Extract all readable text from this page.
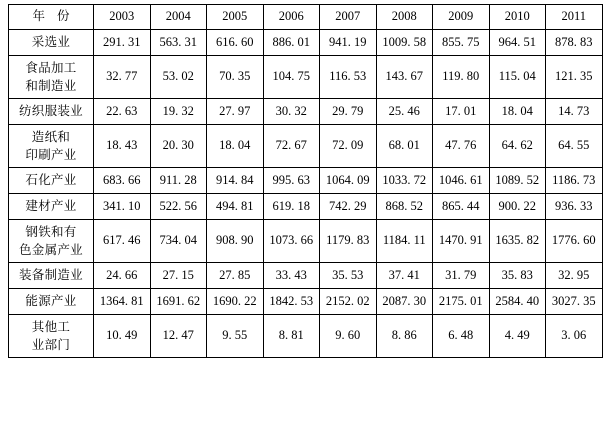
年 份	2003	2004	2005	2006	2007	2008	2009	2010	2011

采选业	291. 31	563. 31	616. 60	886. 01	941. 19	1009. 58	855. 75	964. 51	878. 83

食品加工
和制造业	32. 77	53. 02	70. 35	104. 75	116. 53	143. 67	119. 80	115. 04	121. 35

纺织服装业	22. 63	19. 32	27. 97	30. 32	29. 79	25. 46	17. 01	18. 04	14. 73

造纸和
印刷产业	18. 43	20. 30	18. 04	72. 67	72. 09	68. 01	47. 76	64. 62	64. 55

石化产业	683. 66	911. 28	914. 84	995. 63	1064. 09	1033. 72	1046. 61	1089. 52	1186. 73

建材产业	341. 10	522. 56	494. 81	619. 18	742. 29	868. 52	865. 44	900. 22	936. 33

钢铁和有
色金属产业	617. 46	734. 04	908. 90	1073. 66	1179. 83	1184. 11	1470. 91	1635. 82	1776. 60

装备制造业	24. 66	27. 15	27. 85	33. 43	35. 53	37. 41	31. 79	35. 83	32. 95

能源产业	1364. 81	1691. 62	1690. 22	1842. 53	2152. 02	2087. 30	2175. 01	2584. 40	3027. 35

其他工
业部门	10. 49	12. 47	9. 55	8. 81	9. 60	8. 86	6. 48	4. 49	3. 06
